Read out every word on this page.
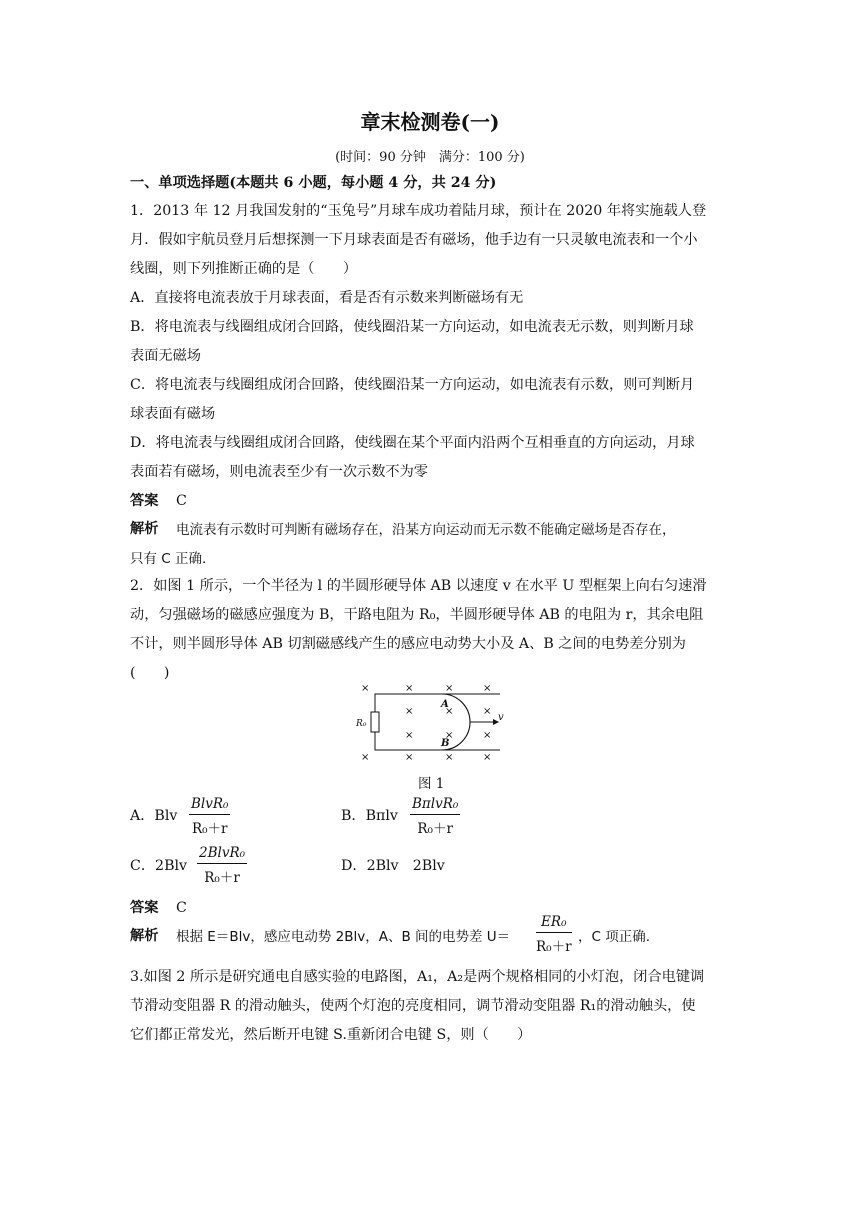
章末检测卷(一)
(时间：90 分钟　满分：100 分)
一、单项选择题(本题共 6 小题，每小题 4 分，共 24 分)
1．2013 年 12 月我国发射的“玉兔号”月球车成功着陆月球，预计在 2020 年将实施载人登
月．假如宇航员登月后想探测一下月球表面是否有磁场，他手边有一只灵敏电流表和一个小
线圈，则下列推断正确的是（　　）
A．直接将电流表放于月球表面，看是否有示数来判断磁场有无
B．将电流表与线圈组成闭合回路，使线圈沿某一方向运动，如电流表无示数，则判断月球
表面无磁场
C．将电流表与线圈组成闭合回路，使线圈沿某一方向运动，如电流表有示数，则可判断月
球表面有磁场
D．将电流表与线圈组成闭合回路，使线圈在某个平面内沿两个互相垂直的方向运动，月球
表面若有磁场，则电流表至少有一次示数不为零
答案 C
解析 电流表有示数时可判断有磁场存在，沿某方向运动而无示数不能确定磁场是否存在，
只有 C 正确．
2．如图 1 所示，一个半径为 l 的半圆形硬导体 AB 以速度 v 在水平 U 型框架上向右匀速滑
动，匀强磁场的磁感应强度为 B，干路电阻为 R₀，半圆形硬导体 AB 的电阻为 r，其余电阻
不计，则半圆形导体 AB 切割磁感线产生的感应电动势大小及 A、B 之间的电势差分别为
(　　)
×	×	×	×
×	×	×
×	×	×
×	×	×	×
R₀
A
B
v
图 1
A．Blv
BlvR₀
R₀＋r
B．Bπlv
BπlvR₀
R₀＋r
C．2Blv
2BlvR₀
R₀＋r
D．2Blv　2Blv
答案 C
解析 根据 E＝Blv，感应电动势 2Blv，A、B 间的电势差 $U= \frac{\text{ER₀}}{\text{R₀＋r}}$ ，C 项正确.
3.如图 2 所示是研究通电自感实验的电路图，A₁，A₂是两个规格相同的小灯泡，闭合电键调
节滑动变阻器 R 的滑动触头，使两个灯泡的亮度相同，调节滑动变阻器 R₁的滑动触头，使
它们都正常发光，然后断开电键 S.重新闭合电键 S，则（　　）
